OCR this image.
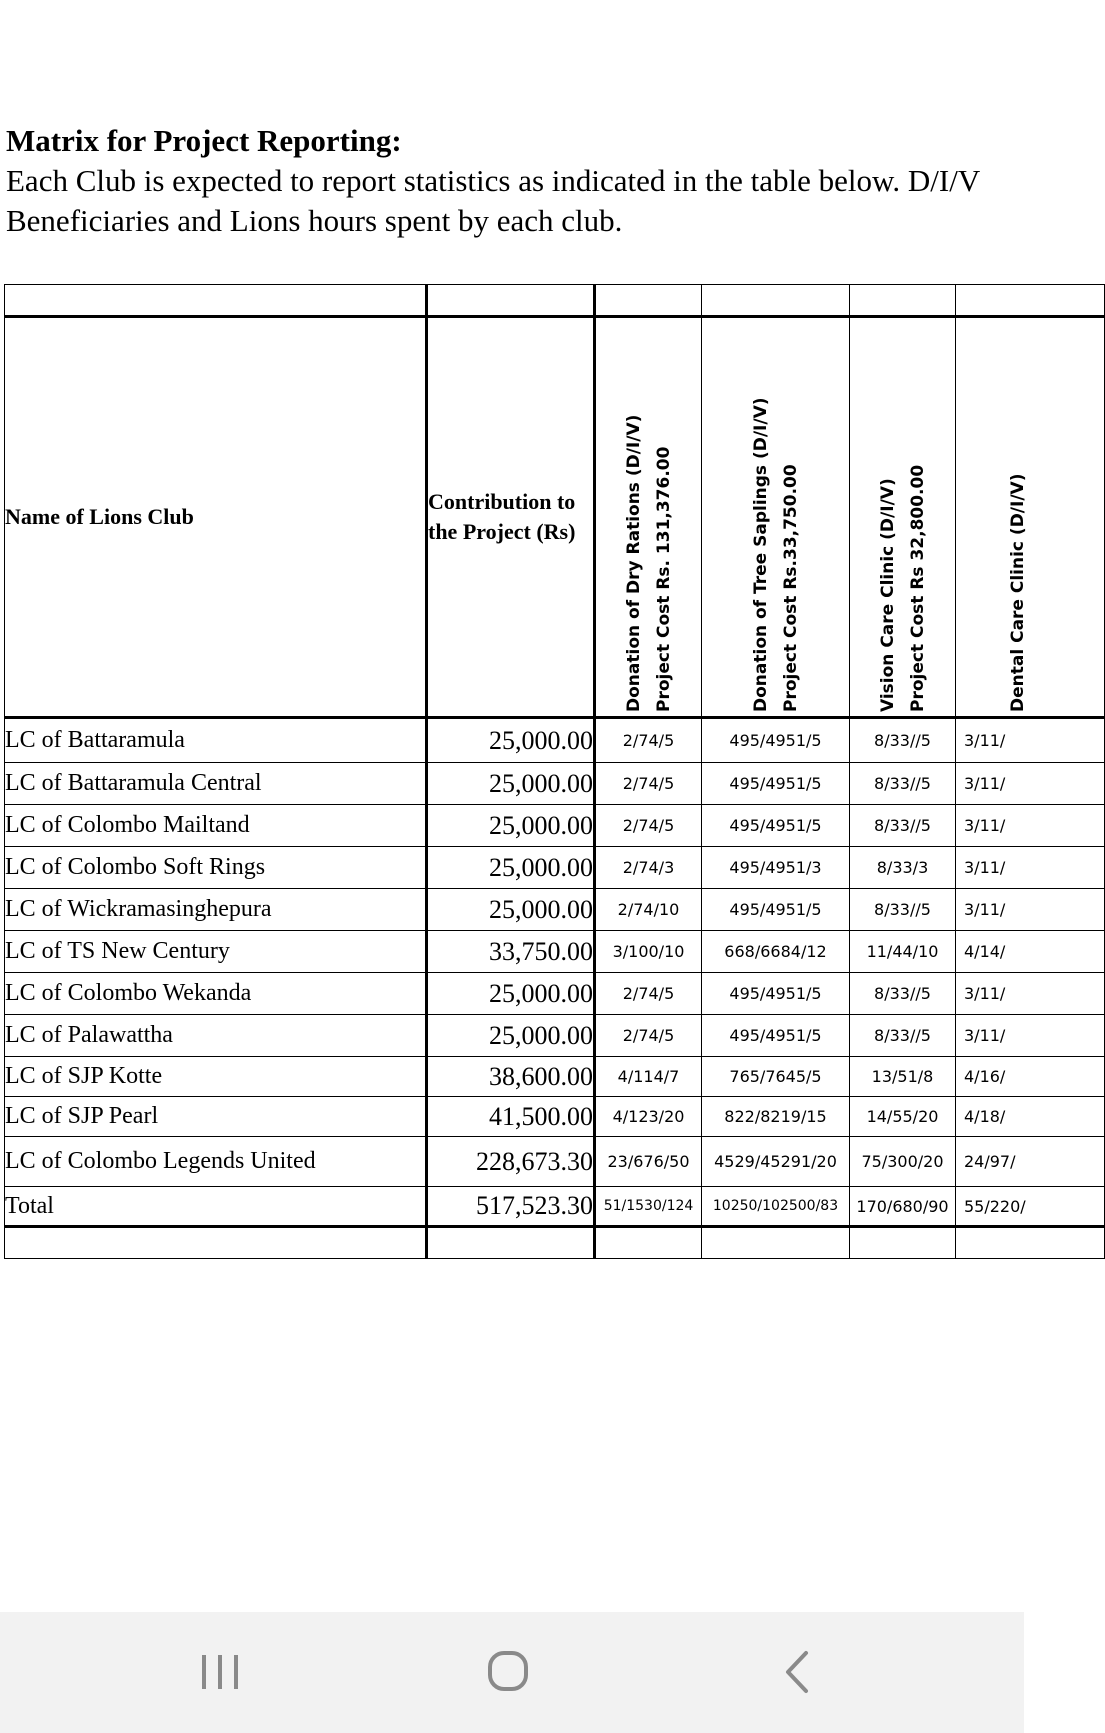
Matrix for Project Reporting:
Each Club is expected to report statistics as indicated in the table below. D/I/V
Beneficiaries and Lions hours spent by each club.

Name of Lions Club	Contribution to the Project (Rs)	Donation of Dry Rations (D/I/V) Project Cost Rs. 131,376.00	Donation of Tree Saplings (D/I/V) Project Cost Rs.33,750.00	Vision Care Clinic (D/I/V) Project Cost Rs 32,800.00	Dental Care Clinic (D/I/V)

LC of Battaramula	25,000.00	2/74/5	495/4951/5	8/33//5	3/11/
LC of Battaramula Central	25,000.00	2/74/5	495/4951/5	8/33//5	3/11/
LC of Colombo Mailtand	25,000.00	2/74/5	495/4951/5	8/33//5	3/11/
LC of Colombo Soft Rings	25,000.00	2/74/3	495/4951/3	8/33/3	3/11/
LC of Wickramasinghepura	25,000.00	2/74/10	495/4951/5	8/33//5	3/11/
LC of TS New Century	33,750.00	3/100/10	668/6684/12	11/44/10	4/14/
LC of Colombo Wekanda	25,000.00	2/74/5	495/4951/5	8/33//5	3/11/
LC of Palawattha	25,000.00	2/74/5	495/4951/5	8/33//5	3/11/
LC of SJP Kotte	38,600.00	4/114/7	765/7645/5	13/51/8	4/16/
LC of SJP Pearl	41,500.00	4/123/20	822/8219/15	14/55/20	4/18/
LC of Colombo Legends United	228,673.30	23/676/50	4529/45291/20	75/300/20	24/97/
Total	517,523.30	51/1530/124	10250/102500/83	170/680/90	55/220/
